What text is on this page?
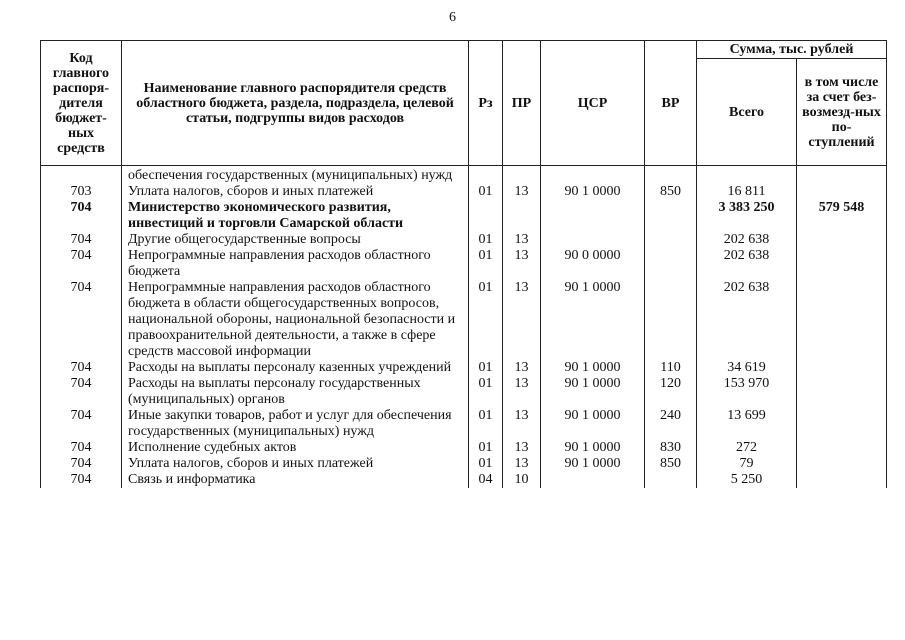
6
Код главного распоря-дителя бюджет-ных средств	Наименование главного распорядителя средств областного бюджета, раздела, подраздела, целевой статьи, подгруппы видов расходов	Рз	ПР	ЦСР	ВР	Сумма, тыс. рублей	
						Всего	в том числе за счет без-возмезд-ных по-ступлений
	обеспечения государственных (муниципальных) нужд						
703	Уплата налогов, сборов и иных платежей	01	13	90 1 0000	850	16 811	
704	Министерство экономического развития, инвестиций и торговли Самарской области					3 383 250	579 548
704	Другие общегосударственные вопросы	01	13			202 638	
704	Непрограммные направления расходов областного бюджета	01	13	90 0 0000		202 638	
704	Непрограммные направления расходов областного бюджета в области общегосударственных вопросов, национальной обороны, национальной безопасности и правоохранительной деятельности, а также в сфере средств массовой информации	01	13	90 1 0000		202 638	
704	Расходы на выплаты персоналу казенных учреждений	01	13	90 1 0000	110	34 619	
704	Расходы на выплаты персоналу государственных (муниципальных) органов	01	13	90 1 0000	120	153 970	
704	Иные закупки товаров, работ и услуг для обеспечения государственных (муниципальных) нужд	01	13	90 1 0000	240	13 699	
704	Исполнение судебных актов	01	13	90 1 0000	830	272	
704	Уплата налогов, сборов и иных платежей	01	13	90 1 0000	850	79	
704	Связь и информатика	04	10			5 250	
